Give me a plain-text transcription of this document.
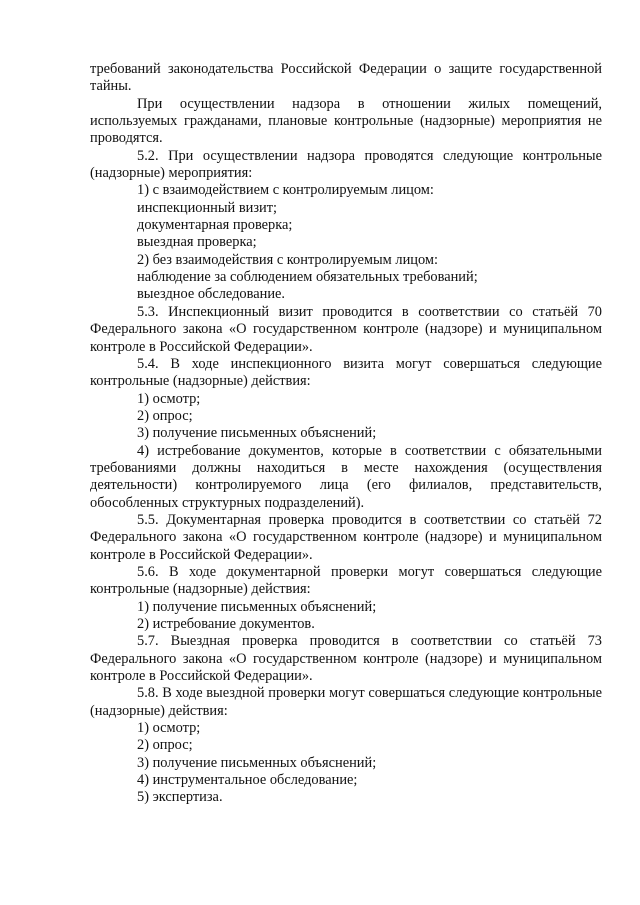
требований законодательства Российской Федерации о защите государственной тайны.

При осуществлении надзора в отношении жилых помещений, используемых гражданами, плановые контрольные (надзорные) мероприятия не проводятся.

5.2. При осуществлении надзора проводятся следующие контрольные (надзорные) мероприятия:

1) с взаимодействием с контролируемым лицом:

инспекционный визит;

документарная проверка;

выездная проверка;

2) без взаимодействия с контролируемым лицом:

наблюдение за соблюдением обязательных требований;

выездное обследование.

5.3. Инспекционный визит проводится в соответствии со статьёй 70 Федерального закона «О государственном контроле (надзоре) и муниципальном контроле в Российской Федерации».

5.4. В ходе инспекционного визита могут совершаться следующие контрольные (надзорные) действия:

1) осмотр;

2) опрос;

3) получение письменных объяснений;

4) истребование документов, которые в соответствии с обязательными требованиями должны находиться в месте нахождения (осуществления деятельности) контролируемого лица (его филиалов, представительств, обособленных структурных подразделений).

5.5. Документарная проверка проводится в соответствии со статьёй 72 Федерального закона «О государственном контроле (надзоре) и муниципальном контроле в Российской Федерации».

5.6. В ходе документарной проверки могут совершаться следующие контрольные (надзорные) действия:

1) получение письменных объяснений;

2) истребование документов.

5.7. Выездная проверка проводится в соответствии со статьёй 73 Федерального закона «О государственном контроле (надзоре) и муниципальном контроле в Российской Федерации».

5.8. В ходе выездной проверки могут совершаться следующие контрольные (надзорные) действия:

1) осмотр;

2) опрос;

3) получение письменных объяснений;

4) инструментальное обследование;

5) экспертиза.
